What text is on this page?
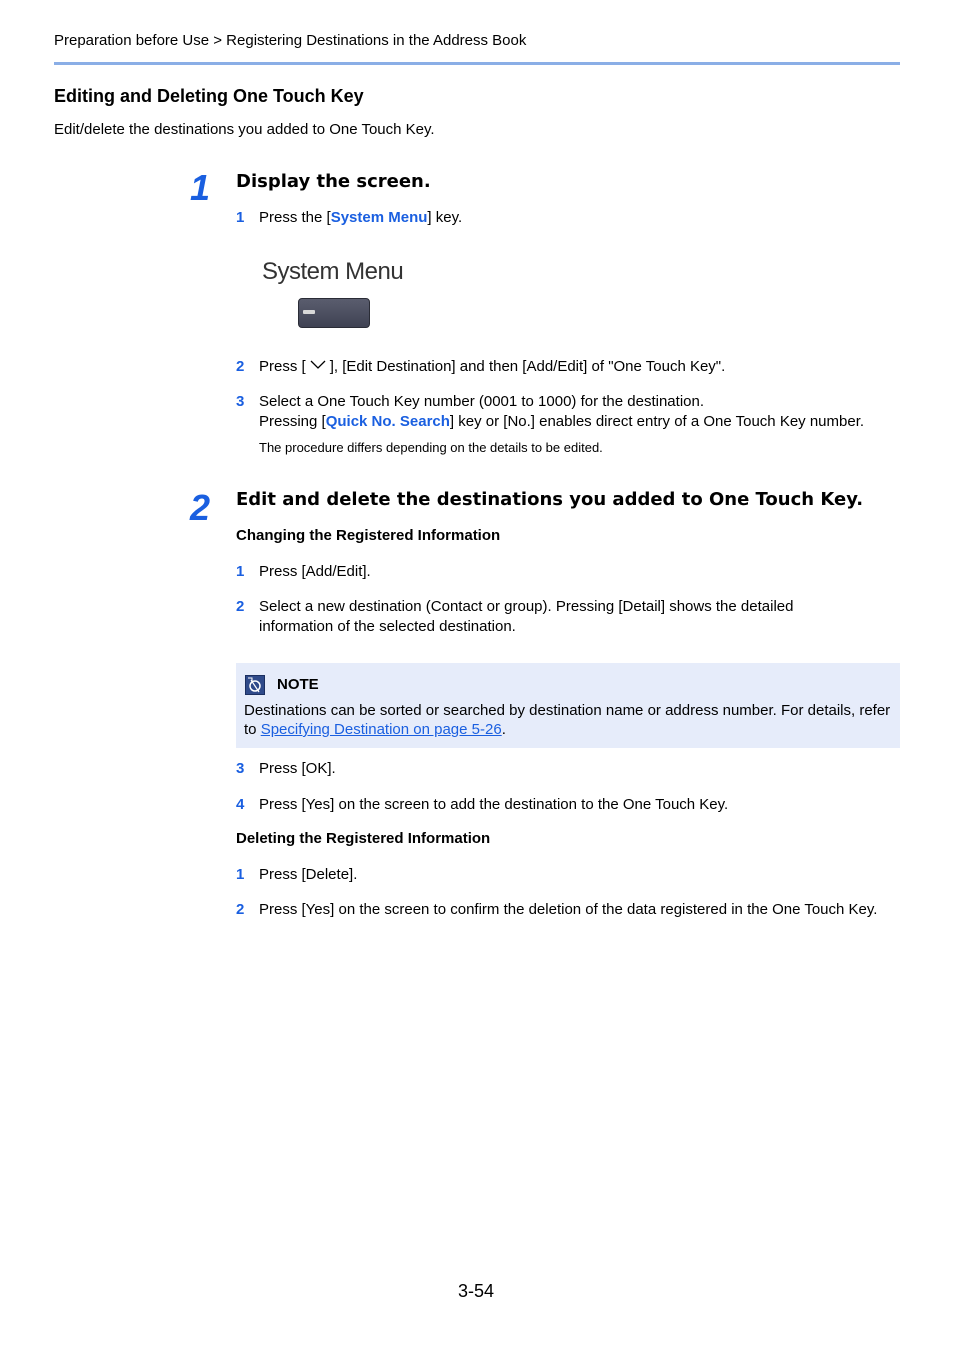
Preparation before Use > Registering Destinations in the Address Book
Editing and Deleting One Touch Key
Edit/delete the destinations you added to One Touch Key.
1 Display the screen.
1 Press the [System Menu] key.
System Menu
2 Press [ ], [Edit Destination] and then [Add/Edit] of "One Touch Key".
3 Select a One Touch Key number (0001 to 1000) for the destination.
Pressing [Quick No. Search] key or [No.] enables direct entry of a One Touch Key number.
The procedure differs depending on the details to be edited.
2 Edit and delete the destinations you added to One Touch Key.
Changing the Registered Information
1 Press [Add/Edit].
2 Select a new destination (Contact or group). Pressing [Detail] shows the detailed
information of the selected destination.
NOTE
Destinations can be sorted or searched by destination name or address number. For details, refer to Specifying Destination on page 5-26.
3 Press [OK].
4 Press [Yes] on the screen to add the destination to the One Touch Key.
Deleting the Registered Information
1 Press [Delete].
2 Press [Yes] on the screen to confirm the deletion of the data registered in the One Touch Key.
3-54
